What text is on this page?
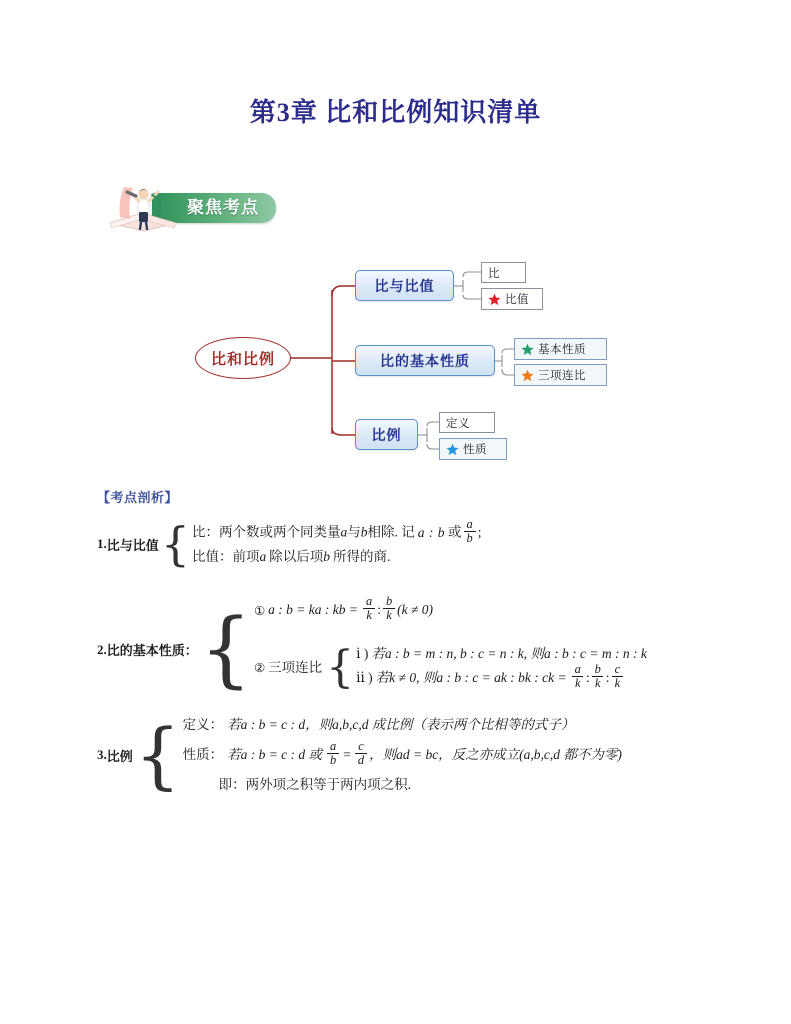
第3章 比和比例知识清单
聚焦考点
比和比例
比与比值
比的基本性质
比例
比
比值
基本性质
三项连比
定义
性质
【考点剖析】
1. 比与比值 { 比：两个数或两个同类量a与b相除. 记 a : b 或 $\frac{a}{b}$ ;
比值：前项a 除以后项b 所得的商.
2. 比的基本性质： { ① a : b = ka : kb = $\frac{a}{k}$ : $\frac{b}{k} (k \ne 0)$
② 三项连比 { ⅰ ) 若a : b = m : n, b : c = n : k, 则a : b : c = m : n : k
ⅱ ) 若k ≠ 0, 则a : b : c = ak : bk : ck = $\frac{a}{k}$ : $\frac{b}{k}$ : $\frac{c}{k}$
3. 比例 { 定义： 若a : b = c : d，则a,b,c,d 成比例（表示两个比相等的式子）
性质： 若a : b = c : d 或 $\frac{a}{b} = \frac{c}{d}$ ，则ad = bc，反之亦成立(a,b,c,d 都不为零)
即：两外项之积等于两内项之积.
